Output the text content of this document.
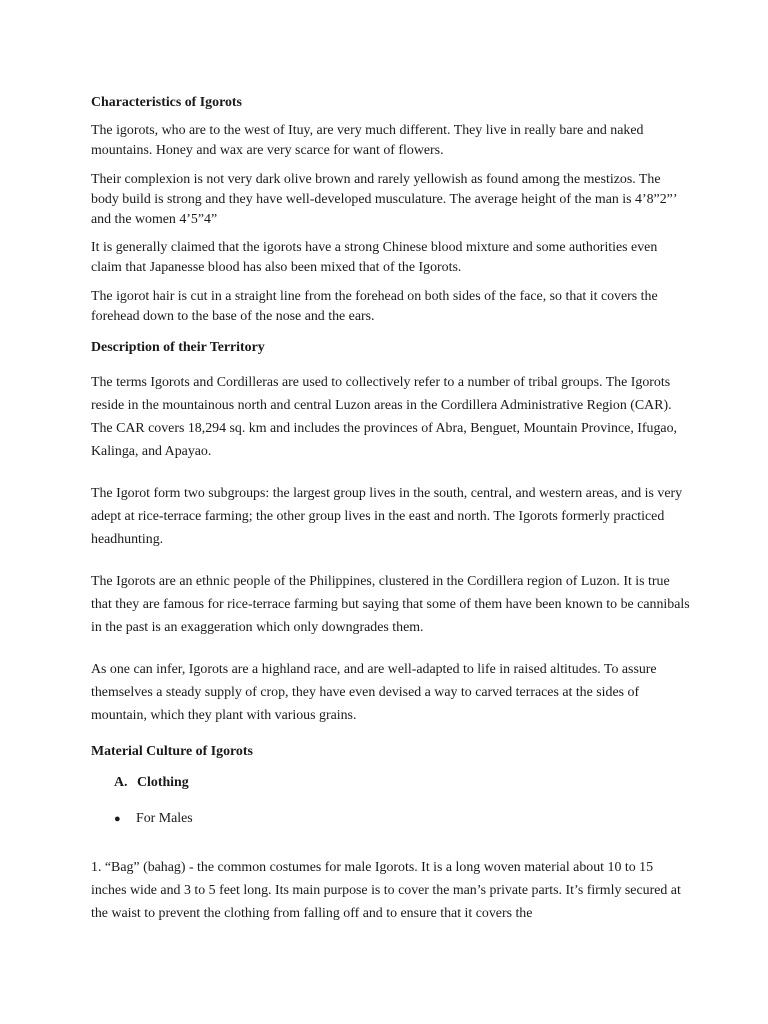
Characteristics of Igorots

The igorots, who are to the west of Ituy, are very much different. They live in really bare and naked mountains. Honey and wax are very scarce for want of flowers.

Their complexion is not very dark olive brown and rarely yellowish as found among the mestizos. The body build is strong and they have well-developed musculature. The average height of the man is 4’8”2”’ and the women 4’5”4”

It is generally claimed that the igorots have a strong Chinese blood mixture and some authorities even claim that Japanesse blood has also been mixed that of the Igorots.

The igorot hair is cut in a straight line from the forehead on both sides of the face, so that it covers the forehead down to the base of the nose and the ears.

Description of their Territory

The terms Igorots and Cordilleras are used to collectively refer to a number of tribal groups. The Igorots reside in the mountainous north and central Luzon areas in the Cordillera Administrative Region (CAR). The CAR covers 18,294 sq. km and includes the provinces of Abra, Benguet, Mountain Province, Ifugao, Kalinga, and Apayao.

The Igorot form two subgroups: the largest group lives in the south, central, and western areas, and is very adept at rice-terrace farming; the other group lives in the east and north. The Igorots formerly practiced headhunting.

The Igorots are an ethnic people of the Philippines, clustered in the Cordillera region of Luzon. It is true that they are famous for rice-terrace farming but saying that some of them have been known to be cannibals in the past is an exaggeration which only downgrades them.

As one can infer, Igorots are a highland race, and are well-adapted to life in raised altitudes. To assure themselves a steady supply of crop, they have even devised a way to carved terraces at the sides of mountain, which they plant with various grains.

Material Culture of Igorots

A. Clothing

● For Males

1. “Bag” (bahag) - the common costumes for male Igorots. It is a long woven material about 10 to 15 inches wide and 3 to 5 feet long. Its main purpose is to cover the man’s private parts. It’s firmly secured at the waist to prevent the clothing from falling off and to ensure that it covers the
